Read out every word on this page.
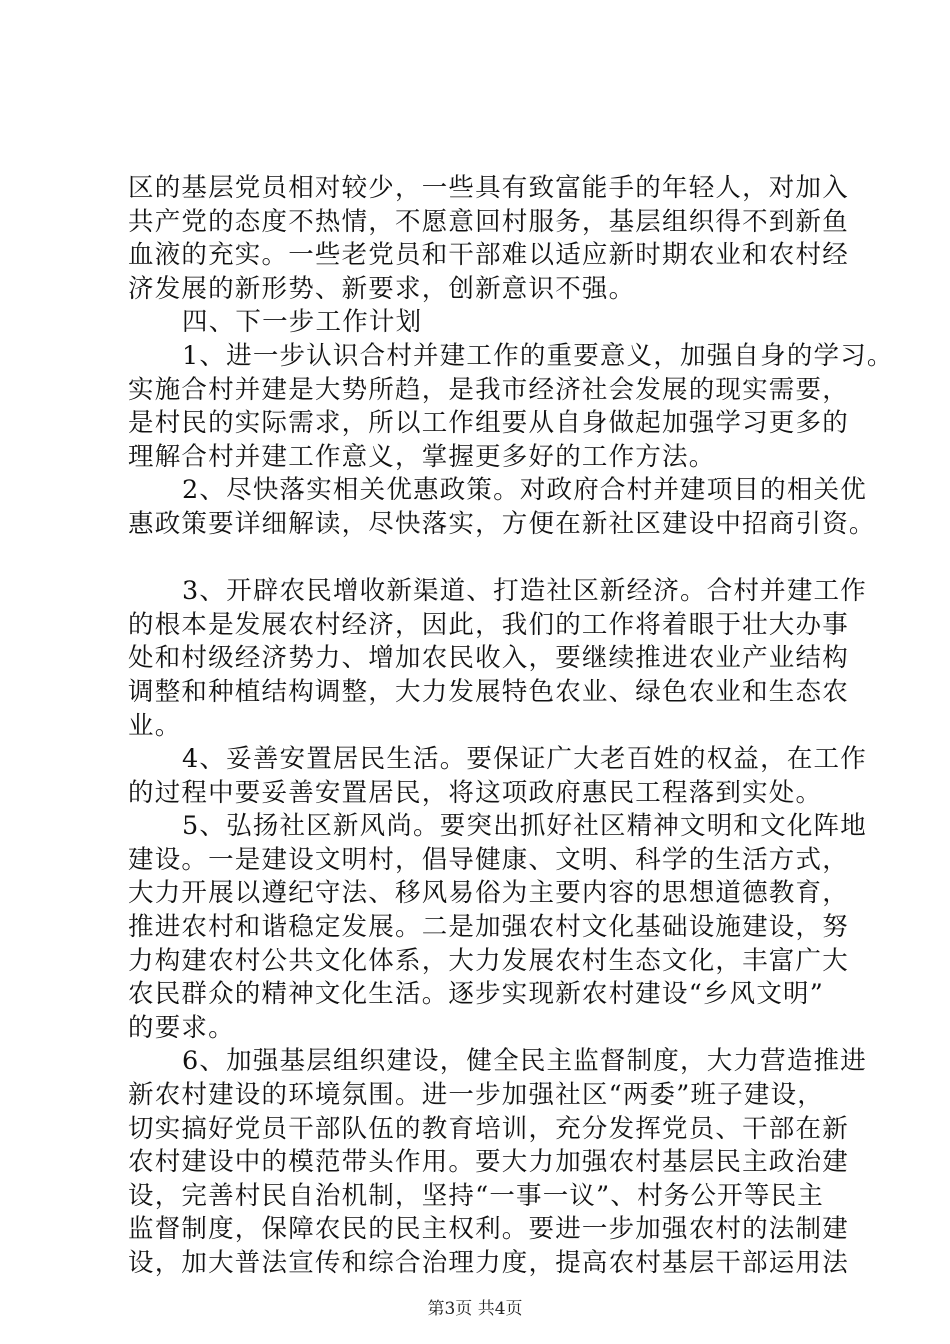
区的基层党员相对较少，一些具有致富能手的年轻人，对加入
共产党的态度不热情，不愿意回村服务，基层组织得不到新鱼
血液的充实。一些老党员和干部难以适应新时期农业和农村经
济发展的新形势、新要求，创新意识不强。
四、下一步工作计划
1、进一步认识合村并建工作的重要意义，加强自身的学习。
实施合村并建是大势所趋，是我市经济社会发展的现实需要，
是村民的实际需求，所以工作组要从自身做起加强学习更多的
理解合村并建工作意义，掌握更多好的工作方法。
2、尽快落实相关优惠政策。对政府合村并建项目的相关优
惠政策要详细解读，尽快落实，方便在新社区建设中招商引资。
3、开辟农民增收新渠道、打造社区新经济。合村并建工作
的根本是发展农村经济，因此，我们的工作将着眼于壮大办事
处和村级经济势力、增加农民收入，要继续推进农业产业结构
调整和种植结构调整，大力发展特色农业、绿色农业和生态农
业。
4、妥善安置居民生活。要保证广大老百姓的权益，在工作
的过程中要妥善安置居民，将这项政府惠民工程落到实处。
5、弘扬社区新风尚。要突出抓好社区精神文明和文化阵地
建设。一是建设文明村，倡导健康、文明、科学的生活方式，
大力开展以遵纪守法、移风易俗为主要内容的思想道德教育，
推进农村和谐稳定发展。二是加强农村文化基础设施建设，努
力构建农村公共文化体系，大力发展农村生态文化，丰富广大
农民群众的精神文化生活。逐步实现新农村建设“乡风文明”
的要求。
6、加强基层组织建设，健全民主监督制度，大力营造推进
新农村建设的环境氛围。进一步加强社区“两委”班子建设，
切实搞好党员干部队伍的教育培训，充分发挥党员、干部在新
农村建设中的模范带头作用。要大力加强农村基层民主政治建
设，完善村民自治机制，坚持“一事一议”、村务公开等民主
监督制度，保障农民的民主权利。要进一步加强农村的法制建
设，加大普法宣传和综合治理力度，提高农村基层干部运用法
第3页 共4页
